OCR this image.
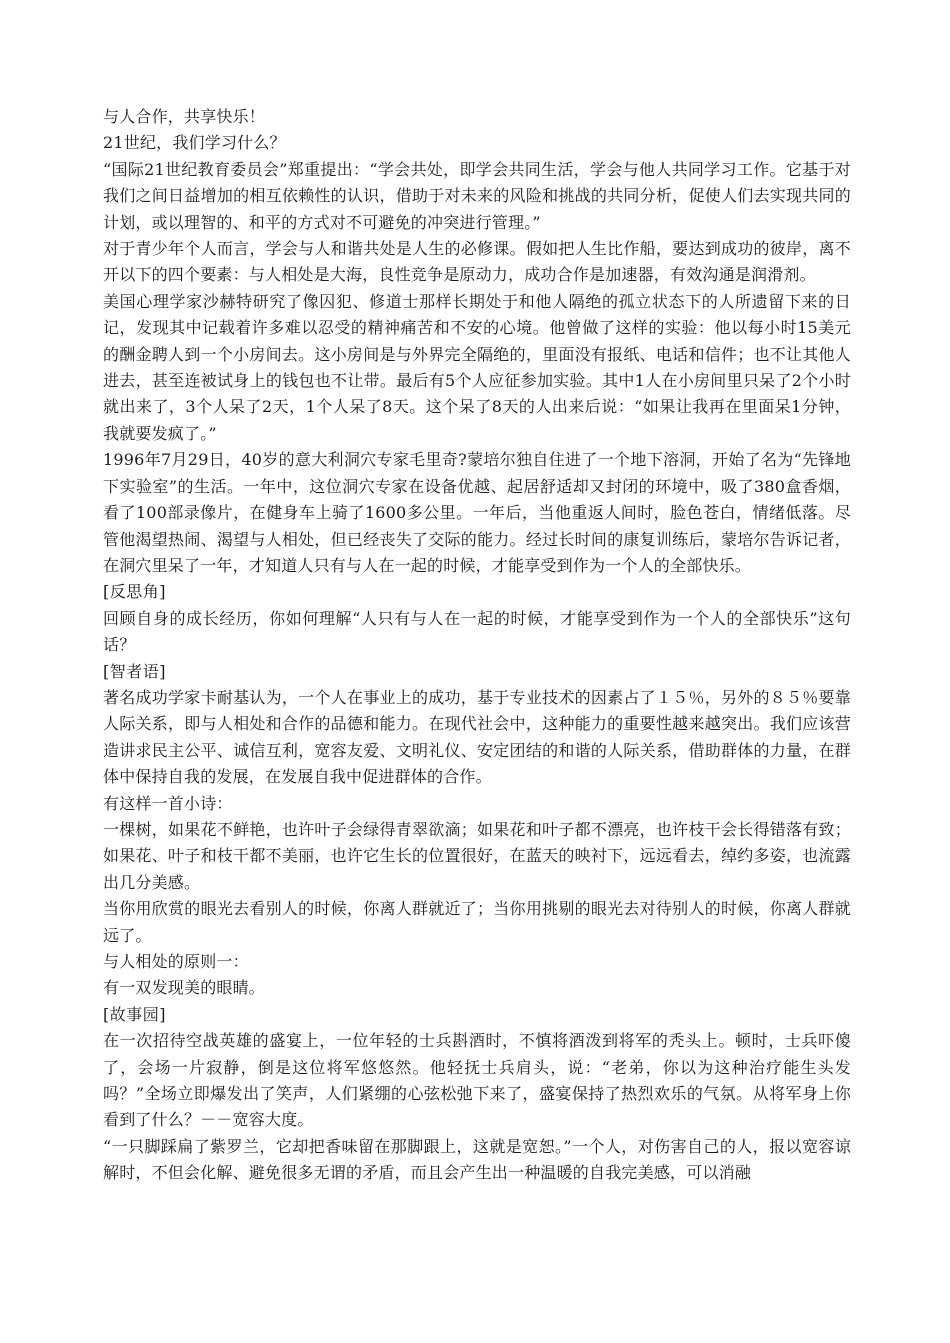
与人合作，共享快乐！

21世纪，我们学习什么？

“国际21世纪教育委员会”郑重提出：“学会共处，即学会共同生活，学会与他人共同学习工作。它基于对我们之间日益增加的相互依赖性的认识，借助于对未来的风险和挑战的共同分析，促使人们去实现共同的计划，或以理智的、和平的方式对不可避免的冲突进行管理。”

对于青少年个人而言，学会与人和谐共处是人生的必修课。假如把人生比作船，要达到成功的彼岸，离不开以下的四个要素：与人相处是大海，良性竞争是原动力，成功合作是加速器，有效沟通是润滑剂。

美国心理学家沙赫特研究了像囚犯、修道士那样长期处于和他人隔绝的孤立状态下的人所遗留下来的日记，发现其中记载着许多难以忍受的精神痛苦和不安的心境。他曾做了这样的实验：他以每小时15美元的酬金聘人到一个小房间去。这小房间是与外界完全隔绝的，里面没有报纸、电话和信件；也不让其他人进去，甚至连被试身上的钱包也不让带。最后有5个人应征参加实验。其中1人在小房间里只呆了2个小时就出来了，3个人呆了2天，1个人呆了8天。这个呆了8天的人出来后说：“如果让我再在里面呆1分钟，我就要发疯了。”

1996年7月29日，40岁的意大利洞穴专家毛里奇?蒙培尔独自住进了一个地下溶洞，开始了名为“先锋地下实验室”的生活。一年中，这位洞穴专家在设备优越、起居舒适却又封闭的环境中，吸了380盒香烟，看了100部录像片，在健身车上骑了1600多公里。一年后，当他重返人间时，脸色苍白，情绪低落。尽管他渴望热闹、渴望与人相处，但已经丧失了交际的能力。经过长时间的康复训练后，蒙培尔告诉记者，在洞穴里呆了一年，才知道人只有与人在一起的时候，才能享受到作为一个人的全部快乐。

[反思角]

回顾自身的成长经历，你如何理解“人只有与人在一起的时候，才能享受到作为一个人的全部快乐”这句话？

[智者语]

著名成功学家卡耐基认为，一个人在事业上的成功，基于专业技术的因素占了１５％，另外的８５％要靠人际关系，即与人相处和合作的品德和能力。在现代社会中，这种能力的重要性越来越突出。我们应该营造讲求民主公平、诚信互利，宽容友爱、文明礼仪、安定团结的和谐的人际关系，借助群体的力量，在群体中保持自我的发展，在发展自我中促进群体的合作。

有这样一首小诗：

一棵树，如果花不鲜艳，也许叶子会绿得青翠欲滴；如果花和叶子都不漂亮，也许枝干会长得错落有致；如果花、叶子和枝干都不美丽，也许它生长的位置很好，在蓝天的映衬下，远远看去，绰约多姿，也流露出几分美感。

当你用欣赏的眼光去看别人的时候，你离人群就近了；当你用挑剔的眼光去对待别人的时候，你离人群就远了。

与人相处的原则一：

有一双发现美的眼睛。

[故事园]

在一次招待空战英雄的盛宴上，一位年轻的士兵斟酒时，不慎将酒泼到将军的秃头上。顿时，士兵吓傻了，会场一片寂静，倒是这位将军悠悠然。他轻抚士兵肩头，说：“老弟，你以为这种治疗能生头发吗？”全场立即爆发出了笑声，人们紧绷的心弦松弛下来了，盛宴保持了热烈欢乐的气氛。从将军身上你看到了什么？－－宽容大度。

“一只脚踩扁了紫罗兰，它却把香味留在那脚跟上，这就是宽恕。”一个人，对伤害自己的人，报以宽容谅解时，不但会化解、避免很多无谓的矛盾，而且会产生出一种温暖的自我完美感，可以消融
